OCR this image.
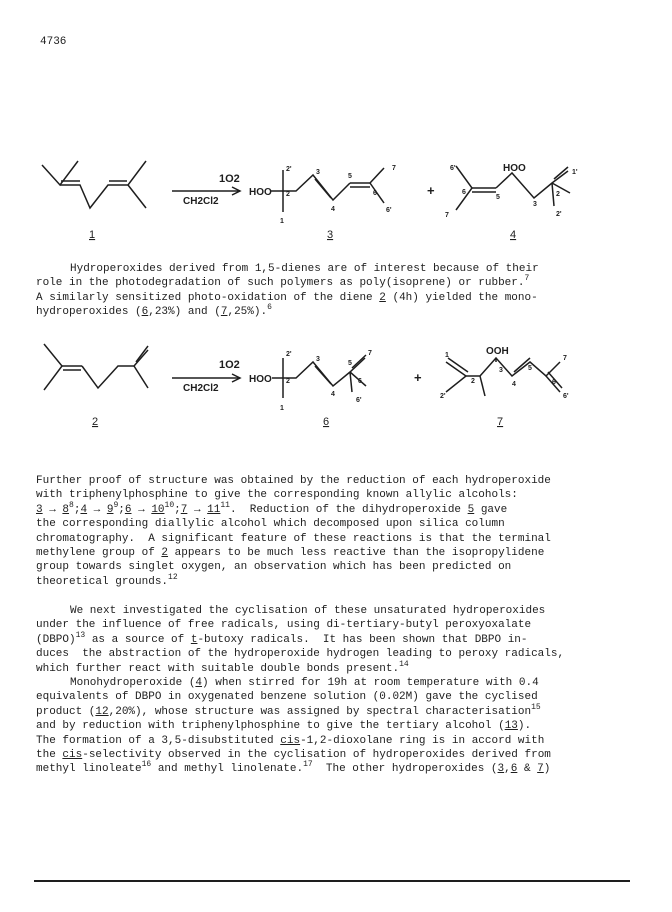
4736
1O2
CH2Cl2
HOO	+
HOO
1	3	4
2'
2
3
5
7
6
1
4	6'
6'
6
7
5
3
2
1'
2'
Hydroperoxides derived from 1,5-dienes are of interest because of their
role in the photodegradation of such polymers as poly(isoprene) or rubber.$^7$
A similarly sensitized photo-oxidation of the diene 2 (4h) yielded the mono-
hydroperoxides (6,23%) and (7,25%).$^6$
1O2
CH2Cl2
HOO	+
OOH
2	6	7
2'
2
3
5
7
6
1
4
6'
1
2
2'
3
4
5
7
6
6'
Further proof of structure was obtained by the reduction of each hydroperoxide
with triphenylphosphine to give the corresponding known allylic alcohols:
$3 \to 8^8;4$ → $9^9;6$ → $10^{10};7 \to 11^{11}$.  Reduction of the dihydroperoxide 5 gave
the corresponding diallylic alcohol which decomposed upon silica column
chromatography.  A significant feature of these reactions is that the terminal
methylene group of 2 appears to be much less reactive than the isopropylidene
group towards singlet oxygen, an observation which has been predicted on
theoretical grounds.$^{12}$
We next investigated the cyclisation of these unsaturated hydroperoxides
under the influence of free radicals, using di-tertiary-butyl peroxyoxalate
(DBPO)$^{13}$ as a source of t-butoxy radicals.  It has been shown that DBPO in-
duces  the abstraction of the hydroperoxide hydrogen leading to peroxy radicals,
which further react with suitable double bonds present.$^{14}$
Monohydroperoxide (4) when stirred for 19h at room temperature with 0.4
equivalents of DBPO in oxygenated benzene solution (0.02M) gave the cyclised
product (12,20%), whose structure was assigned by spectral characterisation$^{15}$
and by reduction with triphenylphosphine to give the tertiary alcohol (13).
The formation of a 3,5-disubstituted cis-1,2-dioxolane ring is in accord with
the cis-selectivity observed in the cyclisation of hydroperoxides derived from
methyl linoleate$^{16}$ and methyl linolenate.$^{17}$  The other hydroperoxides (3,6 & 7)
